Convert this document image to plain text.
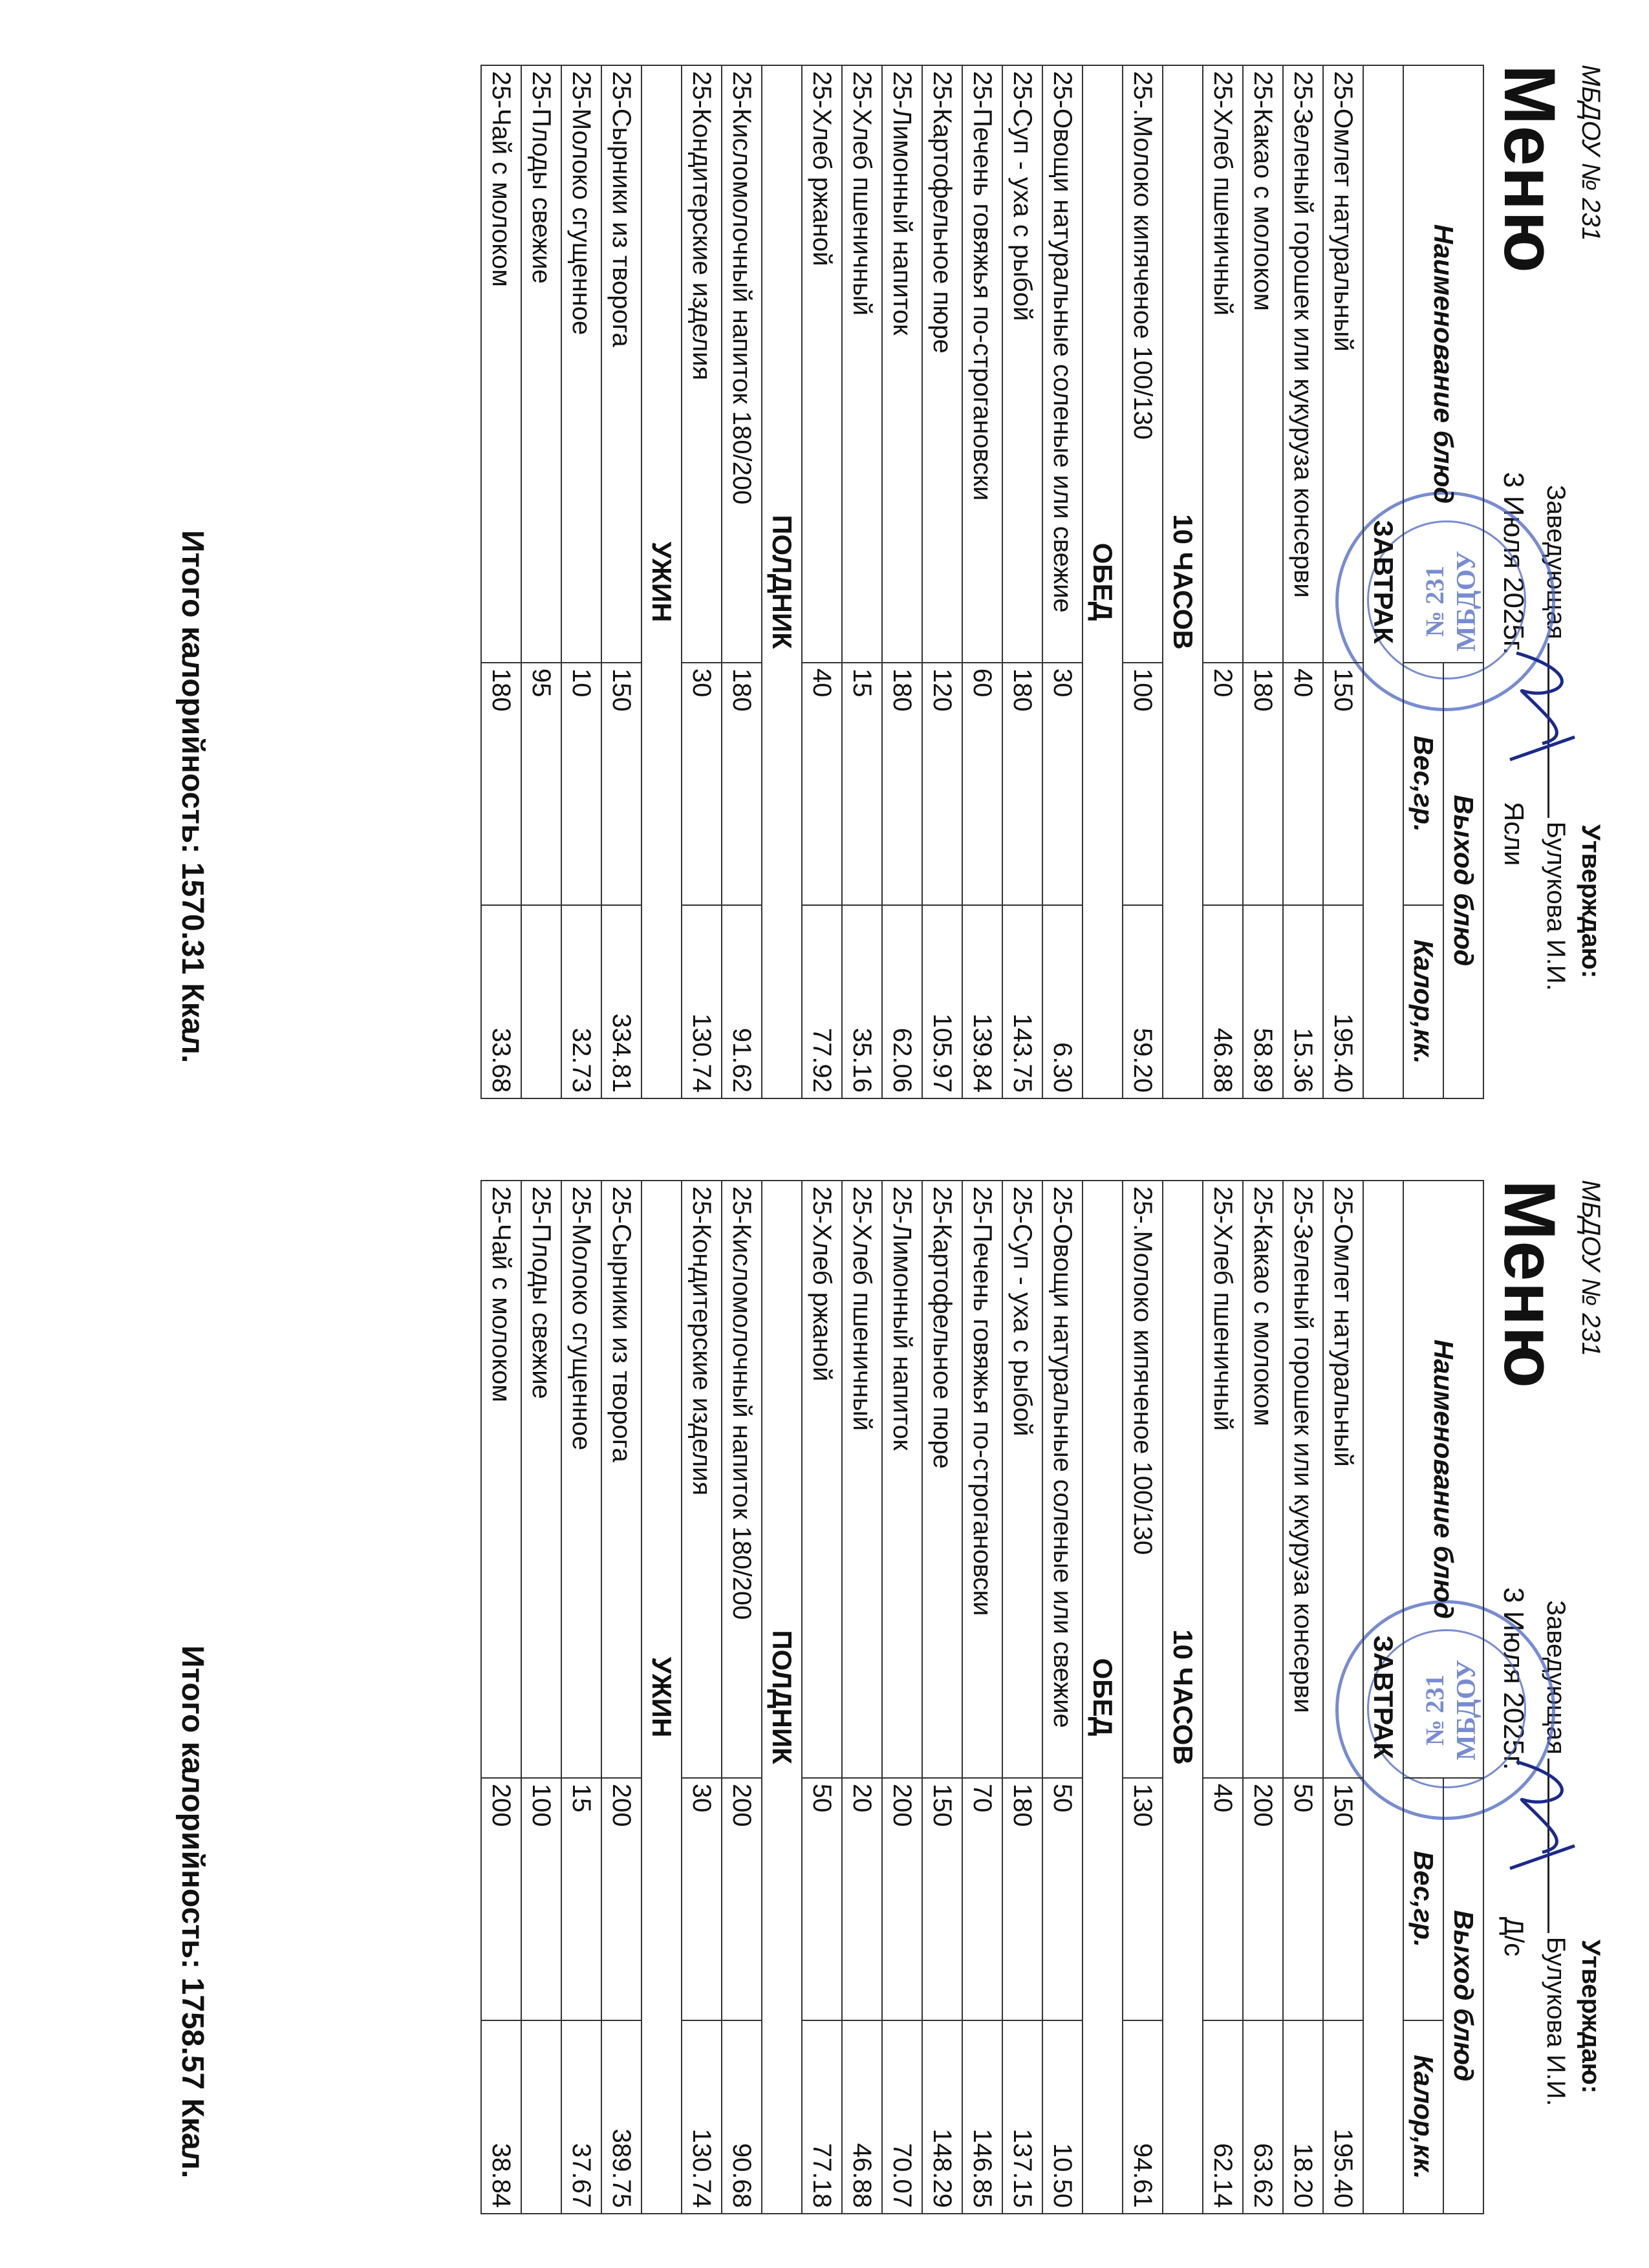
МБДОУ № 231
Утверждаю:
Меню
ЗаведующаяБулукова И.И.
3 Июля 2025г.
Ясли
МБДОУ
№ 231
Наименование блюд	Выход блюд	
	Вес,гр.	Калор,кк.
ЗАВТРАК		
25-Омлет натуральный	150	195.40
25-Зеленый горошек или кукуруза консерви	40	15.36
25-Какао с молоком	180	58.89
25-Хлеб пшеничный	20	46.88
10 ЧАСОВ		
25-.Молоко кипяченое 100/130	100	59.20
ОБЕД		
25-Овощи натуральные соленые или свежие	30	6.30
25-Суп - уха с рыбой	180	143.75
25-Печень говяжья по-строгановски	60	139.84
25-Картофельное пюре	120	105.97
25-Лимонный напиток	180	62.06
25-Хлеб пшеничный	15	35.16
25-Хлеб ржаной	40	77.92
ПОЛДНИК		
25-Кисломолочный напиток 180/200	180	91.62
25-Кондитерские изделия	30	130.74
УЖИН		
25-Сырники из творога	150	334.81
25-Молоко сгущенное	10	32.73
25-Плоды свежие	95	
25-Чай с молоком	180	33.68
Итого калорийность: 1570.31 Ккал.
МБДОУ № 231
Утверждаю:
Меню
ЗаведующаяБулукова И.И.
3 Июля 2025г.
Д/с
МБДОУ
№ 231
Наименование блюд	Выход блюд	
	Вес,гр.	Калор,кк.
ЗАВТРАК		
25-Омлет натуральный	150	195.40
25-Зеленый горошек или кукуруза консерви	50	18.20
25-Какао с молоком	200	63.62
25-Хлеб пшеничный	40	62.14
10 ЧАСОВ		
25-.Молоко кипяченое 100/130	130	94.61
ОБЕД		
25-Овощи натуральные соленые или свежие	50	10.50
25-Суп - уха с рыбой	180	137.15
25-Печень говяжья по-строгановски	70	146.85
25-Картофельное пюре	150	148.29
25-Лимонный напиток	200	70.07
25-Хлеб пшеничный	20	46.88
25-Хлеб ржаной	50	77.18
ПОЛДНИК		
25-Кисломолочный напиток 180/200	200	90.68
25-Кондитерские изделия	30	130.74
УЖИН		
25-Сырники из творога	200	389.75
25-Молоко сгущенное	15	37.67
25-Плоды свежие	100	
25-Чай с молоком	200	38.84
Итого калорийность: 1758.57 Ккал.
